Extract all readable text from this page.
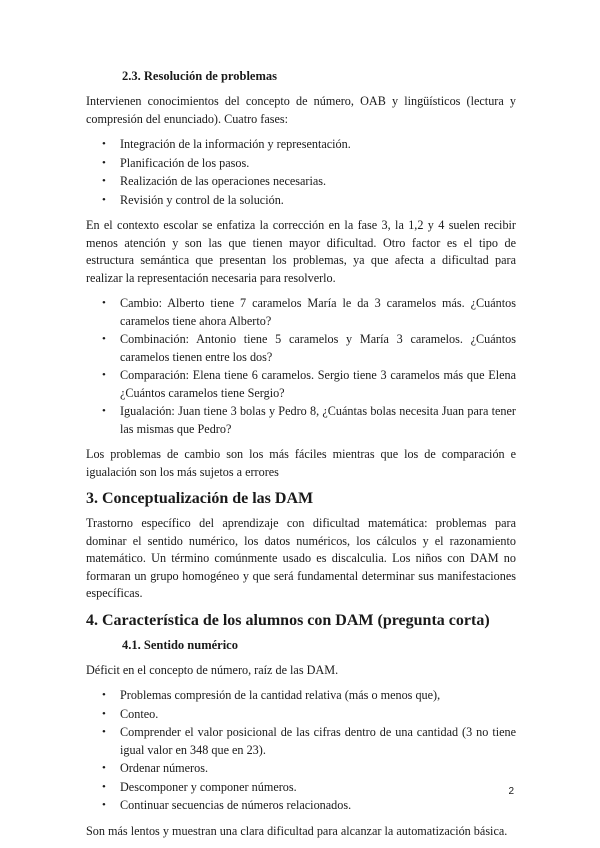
2.3. Resolución de problemas

Intervienen conocimientos del concepto de número, OAB y lingüísticos (lectura y compresión del enunciado). Cuatro fases:

• Integración de la información y representación.
• Planificación de los pasos.
• Realización de las operaciones necesarias.
• Revisión y control de la solución.

En el contexto escolar se enfatiza la corrección en la fase 3, la 1,2 y 4 suelen recibir menos atención y son las que tienen mayor dificultad. Otro factor es el tipo de estructura semántica que presentan los problemas, ya que afecta a dificultad para realizar la representación necesaria para resolverlo.

• Cambio: Alberto tiene 7 caramelos María le da 3 caramelos más. ¿Cuántos caramelos tiene ahora Alberto?
• Combinación: Antonio tiene 5 caramelos y María 3 caramelos. ¿Cuántos caramelos tienen entre los dos?
• Comparación: Elena tiene 6 caramelos. Sergio tiene 3 caramelos más que Elena ¿Cuántos caramelos tiene Sergio?
• Igualación: Juan tiene 3 bolas y Pedro 8, ¿Cuántas bolas necesita Juan para tener las mismas que Pedro?

Los problemas de cambio son los más fáciles mientras que los de comparación e igualación son los más sujetos a errores

3. Conceptualización de las DAM

Trastorno específico del aprendizaje con dificultad matemática: problemas para dominar el sentido numérico, los datos numéricos, los cálculos y el razonamiento matemático. Un término comúnmente usado es discalculia. Los niños con DAM no formaran un grupo homogéneo y que será fundamental determinar sus manifestaciones específicas.

4. Característica de los alumnos con DAM (pregunta corta)
4.1. Sentido numérico

Déficit en el concepto de número, raíz de las DAM.

• Problemas compresión de la cantidad relativa (más o menos que),
• Conteo.
• Comprender el valor posicional de las cifras dentro de una cantidad (3 no tiene igual valor en 348 que en 23).
• Ordenar números.
• Descomponer y componer números.
• Continuar secuencias de números relacionados.

Son más lentos y muestran una clara dificultad para alcanzar la automatización básica.

2
